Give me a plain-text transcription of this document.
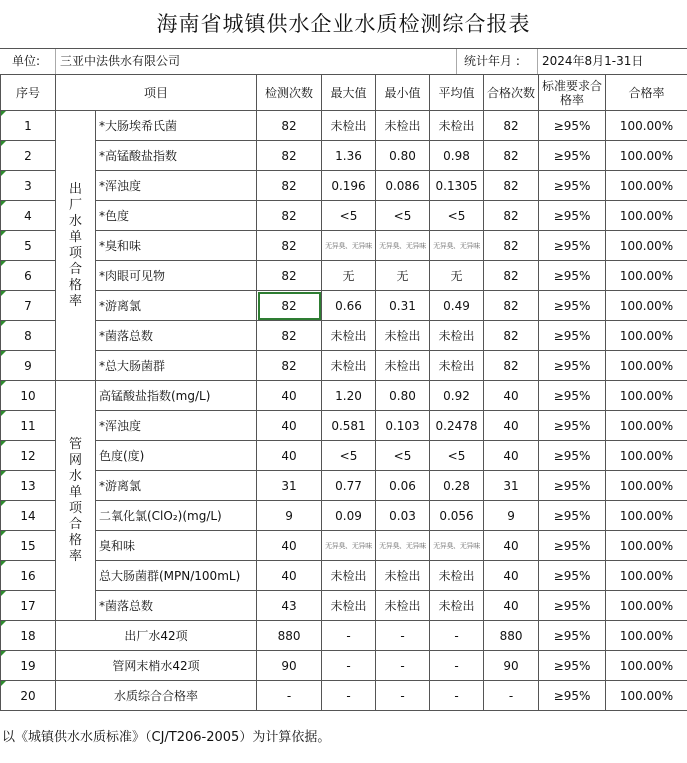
海南省城镇供水企业水质检测综合报表
单位: 三亚中法供水有限公司	统计年月 : 2024年8月1-31日
序号	项目		检测次数	最大值	最小值	平均值	合格次数	标准要求合格率	合格率
1	出厂水单项合格率	*大肠埃希氏菌	82	未检出	未检出	未检出	82	≥95%	100.00%
2		*高锰酸盐指数	82	1.36	0.80	0.98	82	≥95%	100.00%
3		*浑浊度	82	0.196	0.086	0.1305	82	≥95%	100.00%
4		*色度	82	<5	<5	<5	82	≥95%	100.00%
5		*臭和味	82	无异臭、无异味	无异臭、无异味	无异臭、无异味	82	≥95%	100.00%
6		*肉眼可见物	82	无	无	无	82	≥95%	100.00%
7		*游离氯	82	0.66	0.31	0.49	82	≥95%	100.00%
8		*菌落总数	82	未检出	未检出	未检出	82	≥95%	100.00%
9		*总大肠菌群	82	未检出	未检出	未检出	82	≥95%	100.00%
10	管网水单项合格率	高锰酸盐指数(mg/L)	40	1.20	0.80	0.92	40	≥95%	100.00%
11		*浑浊度	40	0.581	0.103	0.2478	40	≥95%	100.00%
12		色度(度)	40	<5	<5	<5	40	≥95%	100.00%
13		*游离氯	31	0.77	0.06	0.28	31	≥95%	100.00%
14		二氧化氯(ClO₂)(mg/L)	9	0.09	0.03	0.056	9	≥95%	100.00%
15		臭和味	40	无异臭、无异味	无异臭、无异味	无异臭、无异味	40	≥95%	100.00%
16		总大肠菌群(MPN/100mL)	40	未检出	未检出	未检出	40	≥95%	100.00%
17		*菌落总数	43	未检出	未检出	未检出	40	≥95%	100.00%
18	出厂水42项		880	-	-	-	880	≥95%	100.00%
19	管网末梢水42项		90	-	-	-	90	≥95%	100.00%
20	水质综合合格率		-	-	-	-	-	≥95%	100.00%
以《城镇供水水质标准》（CJ/T206-2005）为计算依据。
